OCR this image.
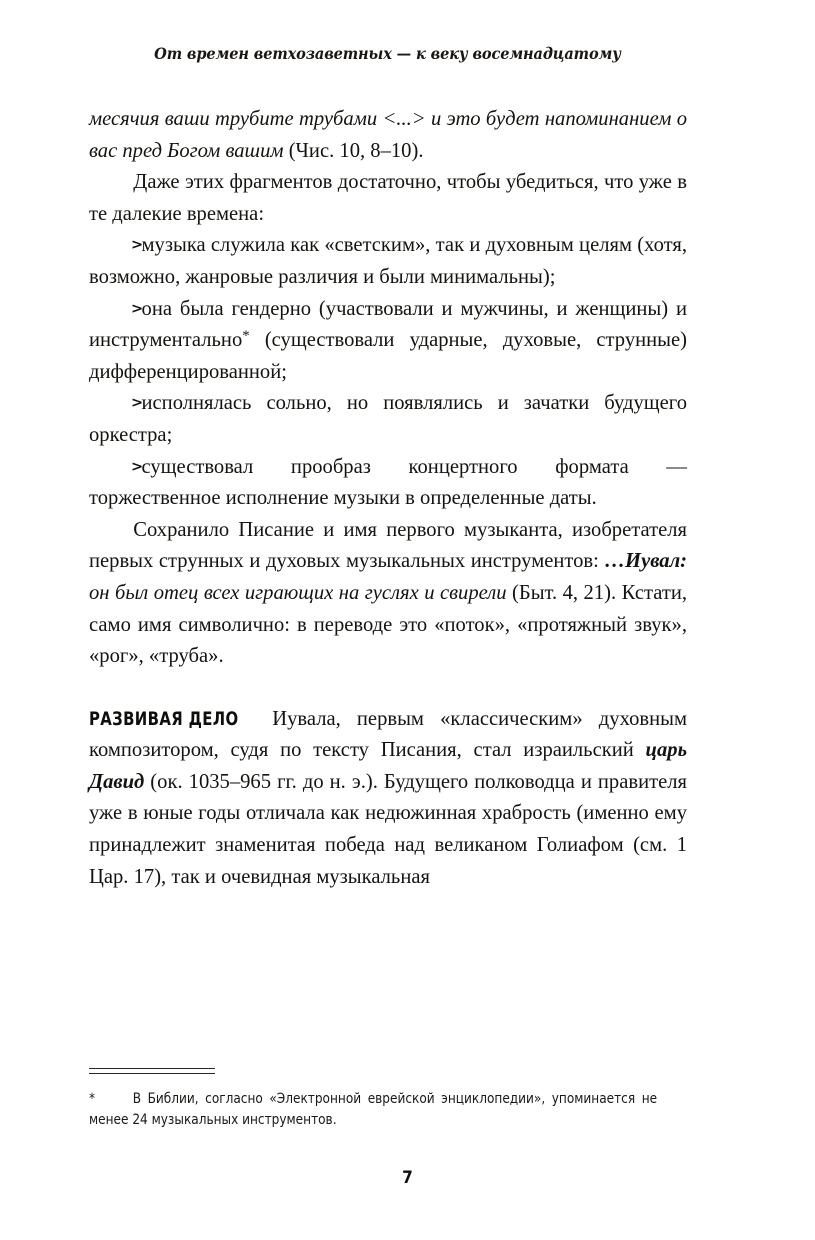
От времен ветхозаветных — к веку восемнадцатому

месячия ваши трубите трубами <...> и это будет напоминанием о вас пред Богом вашим (Чис. 10, 8–10).

Даже этих фрагментов достаточно, чтобы убедиться, что уже в те далекие времена:

>
музыка служила как «светским», так и духовным целям (хотя, возможно, жанровые различия и были минимальны);
>
она была гендерно (участвовали и мужчины, и женщины) и инструментально* (существовали ударные, духовые, струнные) дифференцированной;
>
исполнялась сольно, но появлялись и зачатки будущего оркестра;
>
существовал прообраз концертного формата — торжественное исполнение музыки в определенные даты.

Сохранило Писание и имя первого музыканта, изобретателя первых струнных и духовых музыкальных инструментов: …Иувал: он был отец всех играющих на гуслях и свирели (Быт. 4, 21). Кстати, само имя символично: в переводе это «поток», «протяжный звук», «рог», «труба».

РАЗВИВАЯ ДЕЛО Иувала, первым «классическим» духовным композитором, судя по тексту Писания, стал израильский царь Давид (ок. 1035–965 гг. до н. э.). Будущего полководца и правителя уже в юные годы отличала как недюжинная храбрость (именно ему принадлежит знаменитая победа над великаном Голиафом (см. 1 Цар. 17), так и очевидная музыкальная

*	В Библии, согласно «Электронной еврейской энциклопедии», упоминается не менее 24 музыкальных инструментов.
7
